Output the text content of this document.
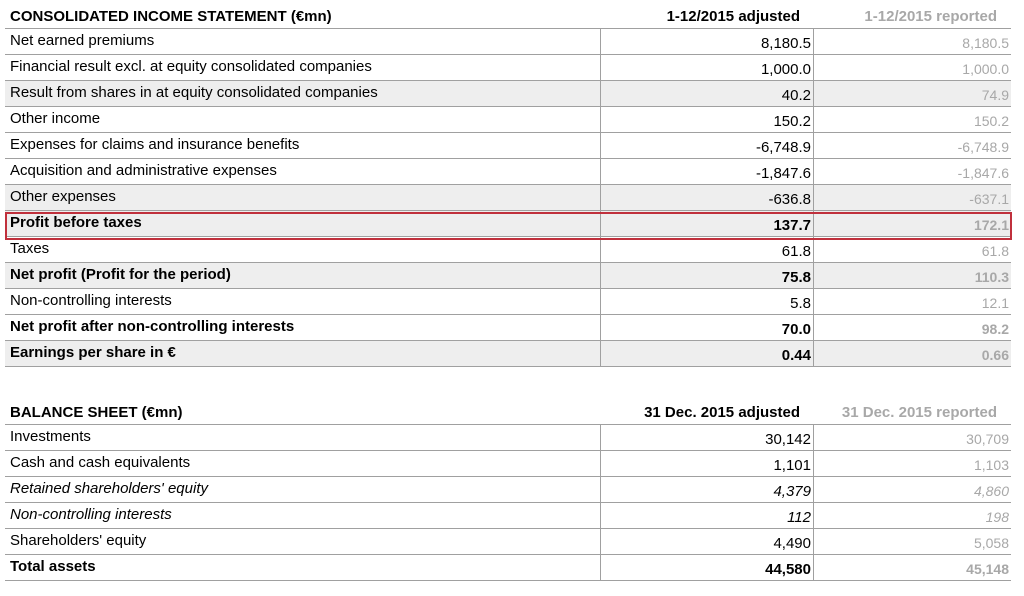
CONSOLIDATED INCOME STATEMENT (€mn)	1-12/2015 adjusted	1-12/2015 reported
Net earned premiums	8,180.5	8,180.5
Financial result excl. at equity consolidated companies	1,000.0	1,000.0
Result from shares in at equity consolidated companies	40.2	74.9
Other income	150.2	150.2
Expenses for claims and insurance benefits	-6,748.9	-6,748.9
Acquisition and administrative expenses	-1,847.6	-1,847.6
Other expenses	-636.8	-637.1
Profit before taxes	137.7	172.1
Taxes	61.8	61.8
Net profit (Profit for the period)	75.8	110.3
Non-controlling interests	5.8	12.1
Net profit after non-controlling interests	70.0	98.2
Earnings per share in €	0.44	0.66
BALANCE SHEET (€mn)	31 Dec. 2015 adjusted	31 Dec. 2015 reported
Investments	30,142	30,709
Cash and cash equivalents	1,101	1,103
Retained shareholders' equity	4,379	4,860
Non-controlling interests	112	198
Shareholders' equity	4,490	5,058
Total assets	44,580	45,148
